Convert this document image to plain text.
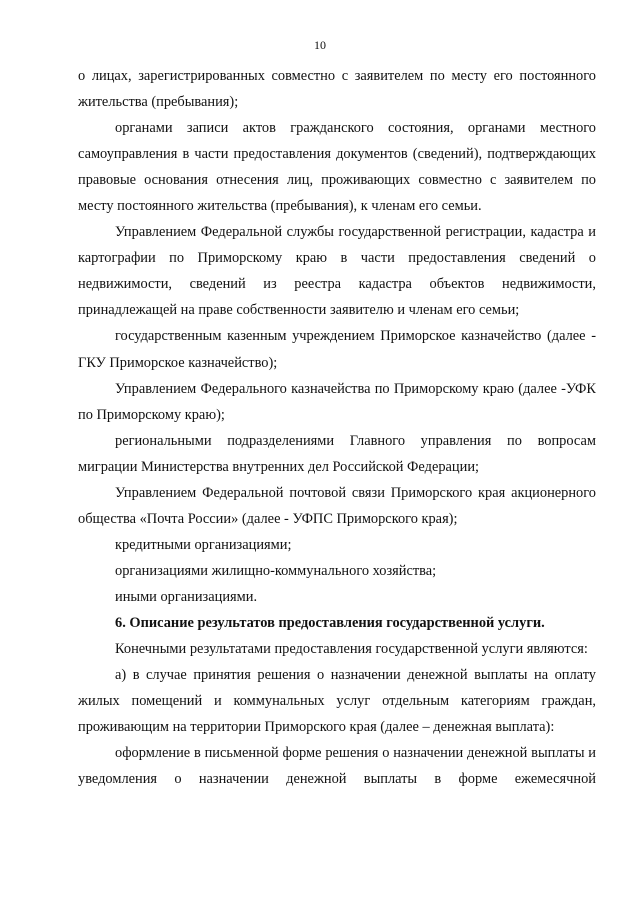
10

о лицах, зарегистрированных совместно с заявителем по месту его постоянного жительства (пребывания);

органами записи актов гражданского состояния, органами местного самоуправления в части предоставления документов (сведений), подтверждающих правовые основания отнесения лиц, проживающих совместно с заявителем по месту постоянного жительства (пребывания), к членам его семьи.

Управлением Федеральной службы государственной регистрации, кадастра и картографии по Приморскому краю в части предоставления сведений о недвижимости, сведений из реестра кадастра объектов недвижимости, принадлежащей на праве собственности заявителю и членам его семьи;

государственным казенным учреждением Приморское казначейство (далее - ГКУ Приморское казначейство);

Управлением Федерального казначейства по Приморскому краю (далее -УФК по Приморскому краю);

региональными подразделениями Главного управления по вопросам миграции Министерства внутренних дел Российской Федерации;

Управлением Федеральной почтовой связи Приморского края акционерного общества «Почта России» (далее - УФПС Приморского края);

кредитными организациями;

организациями жилищно-коммунального хозяйства;

иными организациями.

6. Описание результатов предоставления государственной услуги.

Конечными результатами предоставления государственной услуги являются:

а) в случае принятия решения о назначении денежной выплаты на оплату жилых помещений и коммунальных услуг отдельным категориям граждан, проживающим на территории Приморского края (далее – денежная выплата):

оформление в письменной форме решения о назначении денежной выплаты и уведомления о назначении денежной выплаты в форме ежемесячной
